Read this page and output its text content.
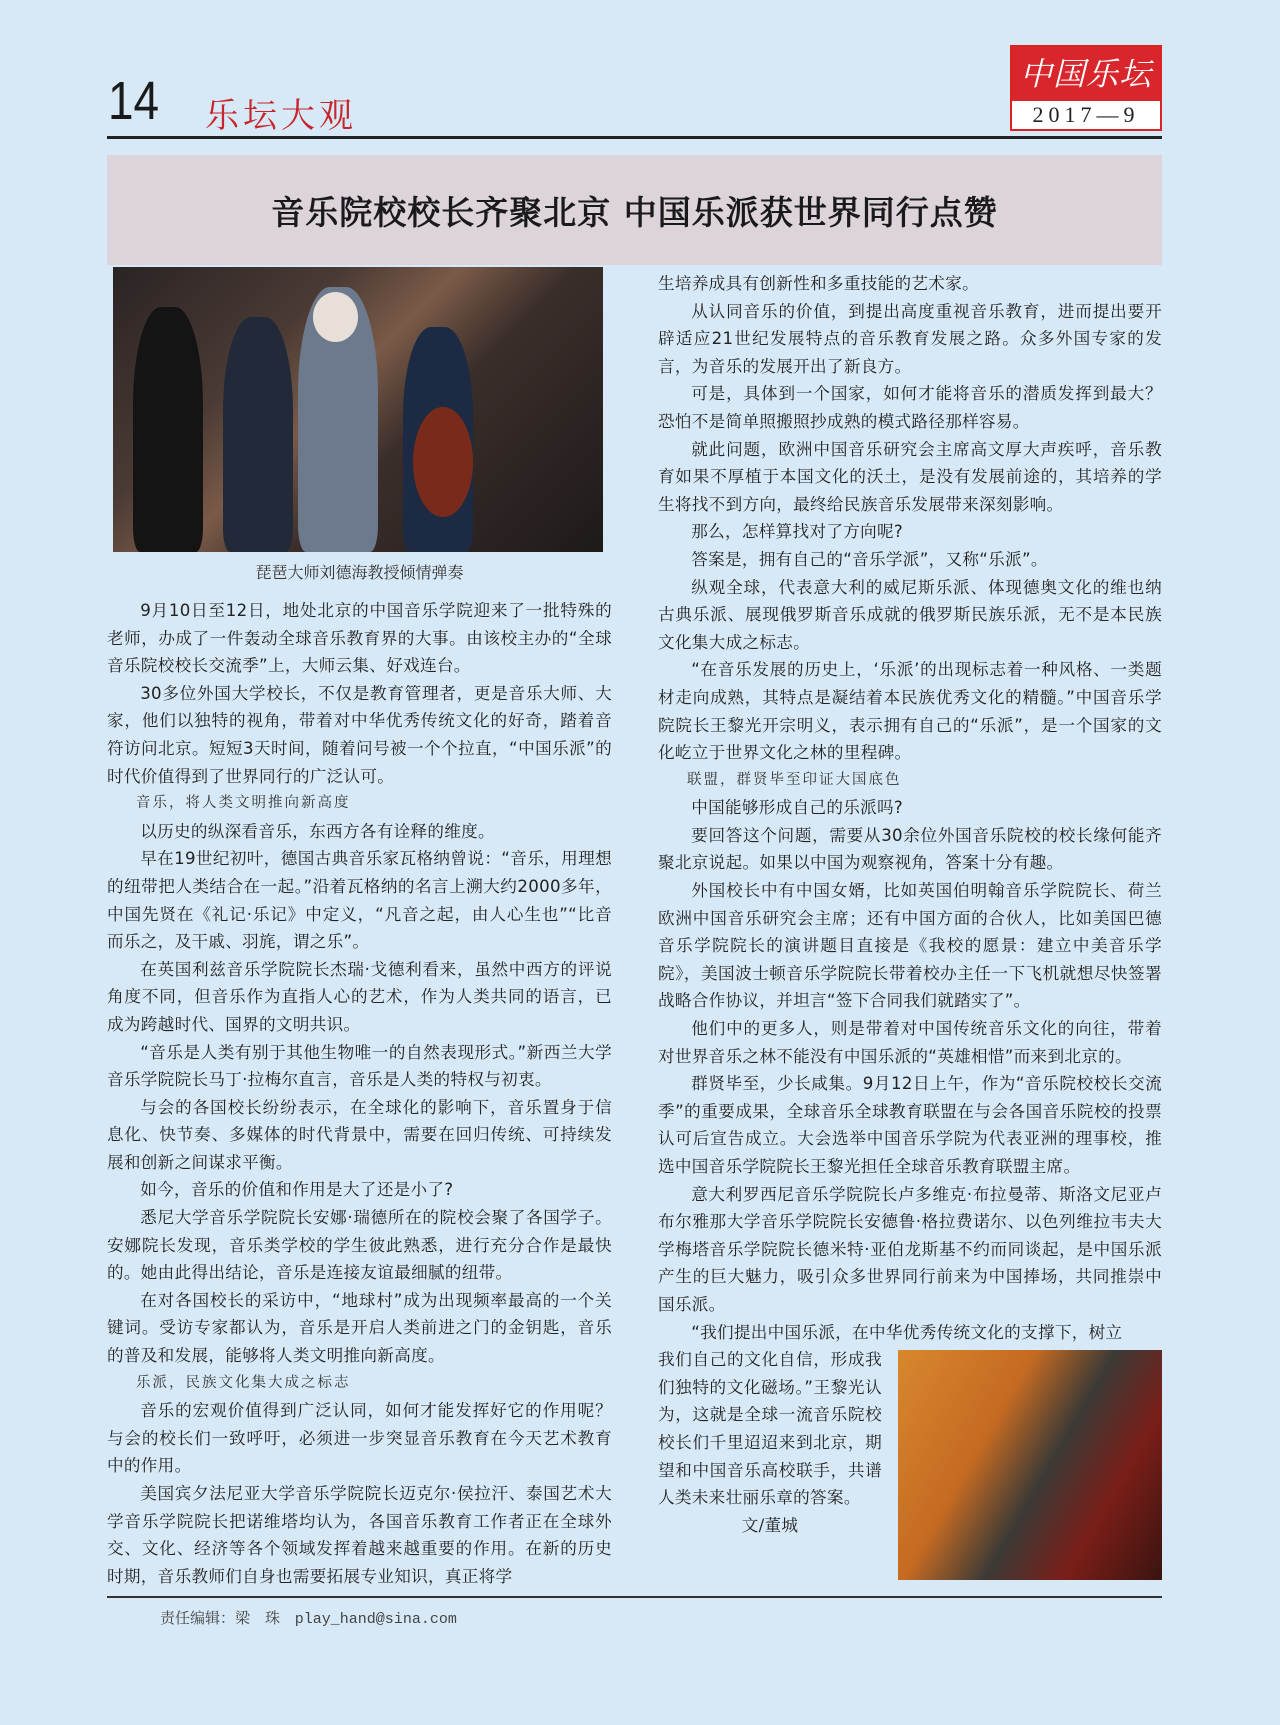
14 乐坛大观
中国乐坛
2017—9
音乐院校校长齐聚北京 中国乐派获世界同行点赞
琵琶大师刘德海教授倾情弹奏

9月10日至12日，地处北京的中国音乐学院迎来了一批特殊的老师，办成了一件轰动全球音乐教育界的大事。由该校主办的“全球音乐院校校长交流季”上，大师云集、好戏连台。

30多位外国大学校长，不仅是教育管理者，更是音乐大师、大家，他们以独特的视角，带着对中华优秀传统文化的好奇，踏着音符访问北京。短短3天时间，随着问号被一个个拉直，“中国乐派”的时代价值得到了世界同行的广泛认可。

音乐，将人类文明推向新高度

以历史的纵深看音乐，东西方各有诠释的维度。

早在19世纪初叶，德国古典音乐家瓦格纳曾说：“音乐，用理想的纽带把人类结合在一起。”沿着瓦格纳的名言上溯大约2000多年，中国先贤在《礼记·乐记》中定义，“凡音之起，由人心生也”“比音而乐之，及干戚、羽旄，谓之乐”。

在英国利兹音乐学院院长杰瑞·戈德利看来，虽然中西方的评说角度不同，但音乐作为直指人心的艺术，作为人类共同的语言，已成为跨越时代、国界的文明共识。

“音乐是人类有别于其他生物唯一的自然表现形式。”新西兰大学音乐学院院长马丁·拉梅尔直言，音乐是人类的特权与初衷。

与会的各国校长纷纷表示，在全球化的影响下，音乐置身于信息化、快节奏、多媒体的时代背景中，需要在回归传统、可持续发展和创新之间谋求平衡。

如今，音乐的价值和作用是大了还是小了?

悉尼大学音乐学院院长安娜·瑞德所在的院校会聚了各国学子。安娜院长发现，音乐类学校的学生彼此熟悉，进行充分合作是最快的。她由此得出结论，音乐是连接友谊最细腻的纽带。

在对各国校长的采访中，“地球村”成为出现频率最高的一个关键词。受访专家都认为，音乐是开启人类前进之门的金钥匙，音乐的普及和发展，能够将人类文明推向新高度。

乐派，民族文化集大成之标志

音乐的宏观价值得到广泛认同，如何才能发挥好它的作用呢？与会的校长们一致呼吁，必须进一步突显音乐教育在今天艺术教育中的作用。

美国宾夕法尼亚大学音乐学院院长迈克尔·侯拉汗、泰国艺术大学音乐学院院长把诺维塔均认为，各国音乐教育工作者正在全球外交、文化、经济等各个领域发挥着越来越重要的作用。在新的历史时期，音乐教师们自身也需要拓展专业知识，真正将学

生培养成具有创新性和多重技能的艺术家。

从认同音乐的价值，到提出高度重视音乐教育，进而提出要开辟适应21世纪发展特点的音乐教育发展之路。众多外国专家的发言，为音乐的发展开出了新良方。

可是，具体到一个国家，如何才能将音乐的潜质发挥到最大？恐怕不是简单照搬照抄成熟的模式路径那样容易。

就此问题，欧洲中国音乐研究会主席高文厚大声疾呼，音乐教育如果不厚植于本国文化的沃土，是没有发展前途的，其培养的学生将找不到方向，最终给民族音乐发展带来深刻影响。

那么，怎样算找对了方向呢?

答案是，拥有自己的“音乐学派”，又称“乐派”。

纵观全球，代表意大利的威尼斯乐派、体现德奥文化的维也纳古典乐派、展现俄罗斯音乐成就的俄罗斯民族乐派，无不是本民族文化集大成之标志。

“在音乐发展的历史上，‘乐派’的出现标志着一种风格、一类题材走向成熟，其特点是凝结着本民族优秀文化的精髓。”中国音乐学院院长王黎光开宗明义，表示拥有自己的“乐派”，是一个国家的文化屹立于世界文化之林的里程碑。

联盟，群贤毕至印证大国底色

中国能够形成自己的乐派吗?

要回答这个问题，需要从30余位外国音乐院校的校长缘何能齐聚北京说起。如果以中国为观察视角，答案十分有趣。

外国校长中有中国女婿，比如英国伯明翰音乐学院院长、荷兰欧洲中国音乐研究会主席；还有中国方面的合伙人，比如美国巴德音乐学院院长的演讲题目直接是《我校的愿景：建立中美音乐学院》，美国波士顿音乐学院院长带着校办主任一下飞机就想尽快签署战略合作协议，并坦言“签下合同我们就踏实了”。

他们中的更多人，则是带着对中国传统音乐文化的向往，带着对世界音乐之林不能没有中国乐派的“英雄相惜”而来到北京的。

群贤毕至，少长咸集。9月12日上午，作为“音乐院校校长交流季”的重要成果，全球音乐全球教育联盟在与会各国音乐院校的投票认可后宣告成立。大会选举中国音乐学院为代表亚洲的理事校，推选中国音乐学院院长王黎光担任全球音乐教育联盟主席。

意大利罗西尼音乐学院院长卢多维克·布拉曼蒂、斯洛文尼亚卢布尔雅那大学音乐学院院长安德鲁·格拉费诺尔、以色列维拉韦夫大学梅塔音乐学院院长德米特·亚伯龙斯基不约而同谈起，是中国乐派产生的巨大魅力，吸引众多世界同行前来为中国捧场，共同推崇中国乐派。

“我们提出中国乐派，在中华优秀传统文化的支撑下，树立

我们自己的文化自信，形成我们独特的文化磁场。”王黎光认为，这就是全球一流音乐院校校长们千里迢迢来到北京，期望和中国音乐高校联手，共谱人类未来壮丽乐章的答案。

文/董城

责任编辑：梁　珠 play_hand@sina.com
